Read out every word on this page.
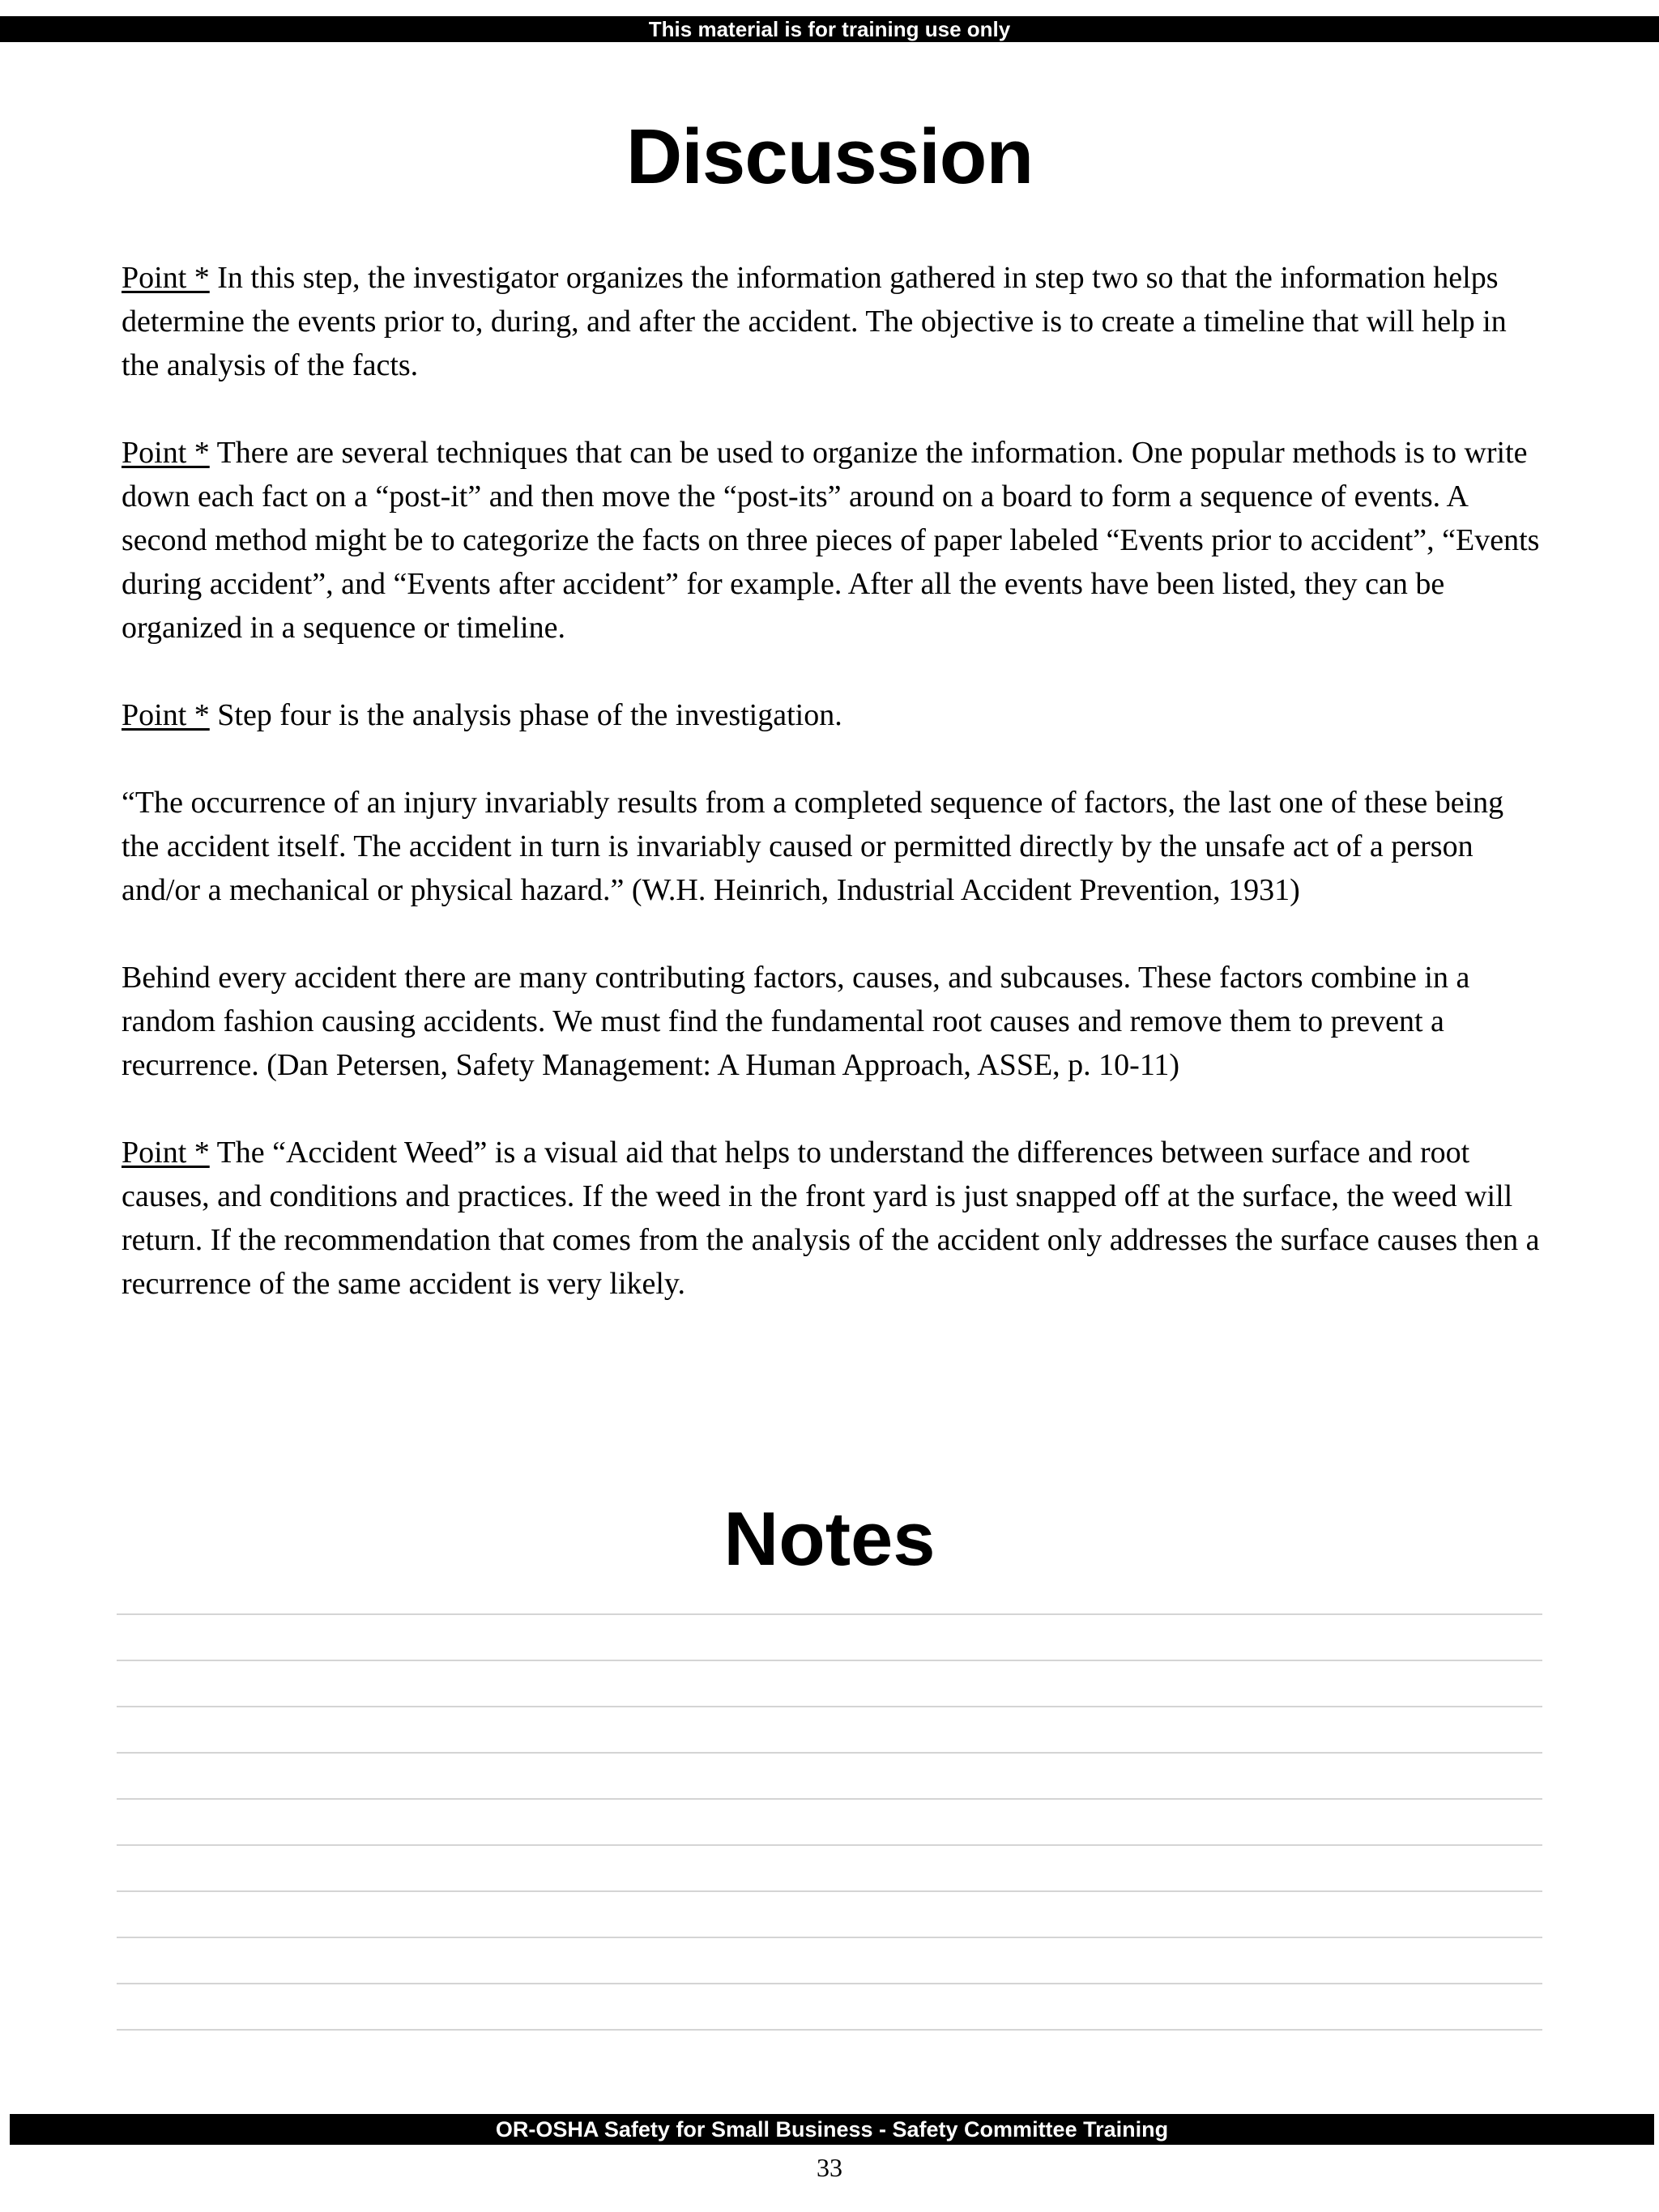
This material is for training use only
Discussion

Point * In this step, the investigator organizes the information gathered in step two so that the information helps determine the events prior to, during, and after the accident. The objective is to create a timeline that will help in the analysis of the facts.

Point * There are several techniques that can be used to organize the information. One popular methods is to write down each fact on a “post-it” and then move the “post-its” around on a board to form a sequence of events. A second method might be to categorize the facts on three pieces of paper labeled “Events prior to accident”, “Events during accident”, and “Events after accident” for example. After all the events have been listed, they can be organized in a sequence or timeline.

Point * Step four is the analysis phase of the investigation.

“The occurrence of an injury invariably results from a completed sequence of factors, the last one of these being the accident itself. The accident in turn is invariably caused or permitted directly by the unsafe act of a person and/or a mechanical or physical hazard.” (W.H. Heinrich, Industrial Accident Prevention, 1931)

Behind every accident there are many contributing factors, causes, and subcauses. These factors combine in a random fashion causing accidents. We must find the fundamental root causes and remove them to prevent a recurrence. (Dan Petersen, Safety Management: A Human Approach, ASSE, p. 10-11)

Point * The “Accident Weed” is a visual aid that helps to understand the differences between surface and root causes, and conditions and practices. If the weed in the front yard is just snapped off at the surface, the weed will return. If the recommendation that comes from the analysis of the accident only addresses the surface causes then a recurrence of the same accident is very likely.

Notes
OR-OSHA Safety for Small Business - Safety Committee Training
33
